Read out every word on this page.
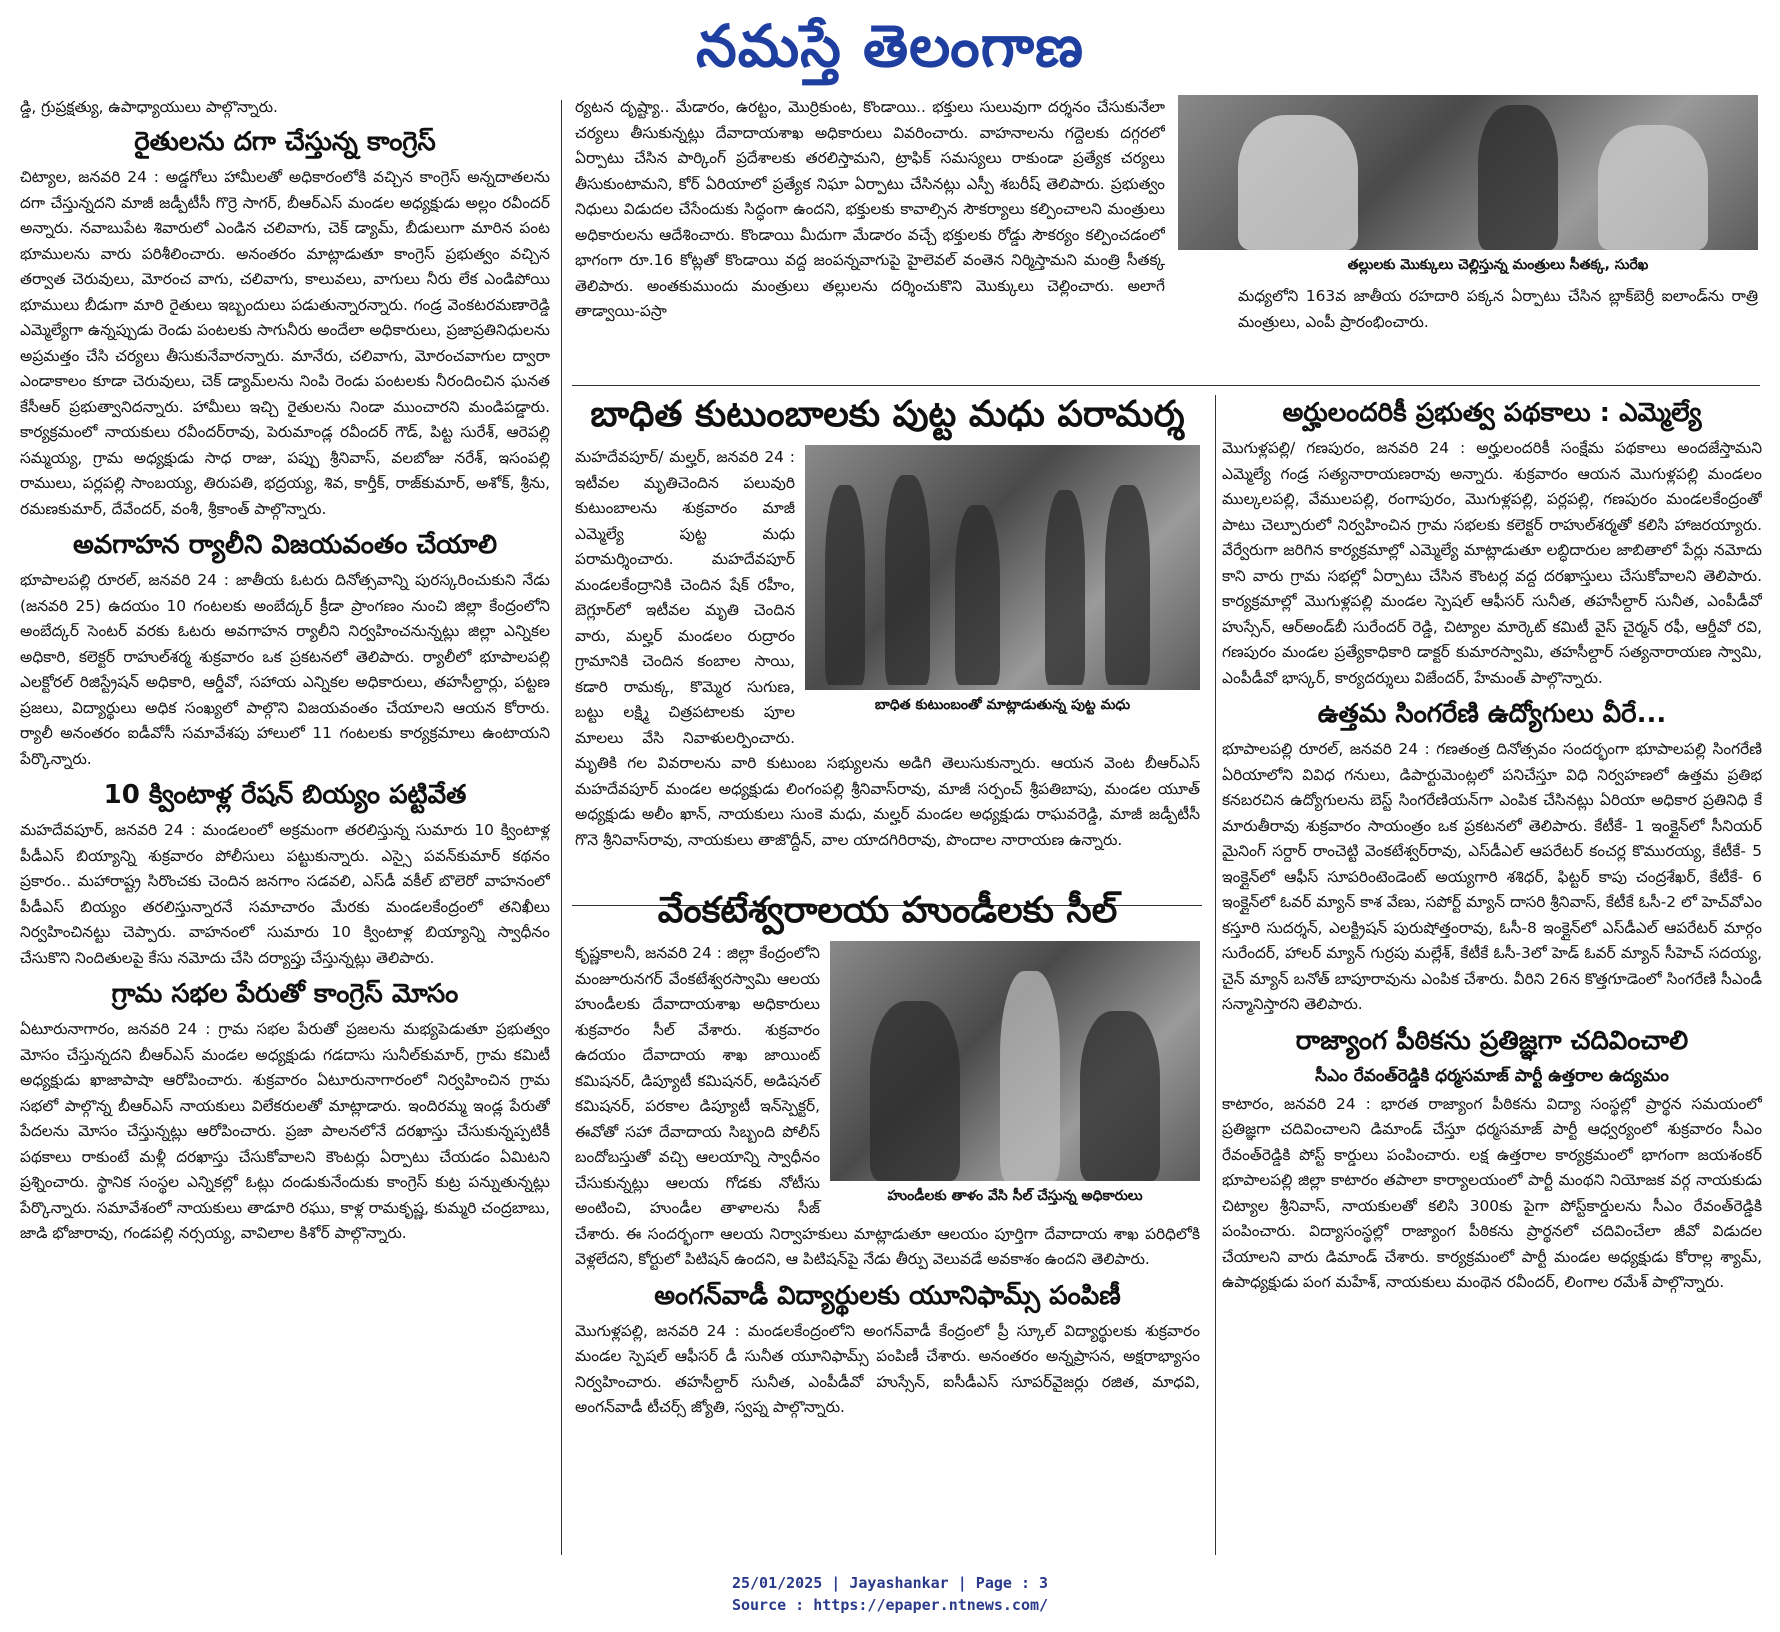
నమస్తే తెలంగాణ

డ్డి, గ్రుప్రక్షత్యు, ఉపాధ్యాయులు పాల్గొన్నారు.

రైతులను దగా చేస్తున్న కాంగ్రెస్

చిట్యాల, జనవరి 24 : అడ్డగోలు హామీలతో అధికారంలోకి వచ్చిన కాంగ్రెస్ అన్నదాతలను దగా చేస్తున్నదని మాజీ జడ్పీటీసీ గొర్రె సాగర్, బీఆర్ఎస్ మండల అధ్యక్షుడు అల్లం రవీందర్ అన్నారు. నవాబుపేట శివారులో ఎండిన చలివాగు, చెక్ డ్యామ్, బీడులుగా మారిన పంట భూములను వారు పరిశీలించారు. అనంతరం మాట్లాడుతూ కాంగ్రెస్ ప్రభుత్వం వచ్చిన తర్వాత చెరువులు, మోరంచ వాగు, చలివాగు, కాలువలు, వాగులు నీరు లేక ఎండిపోయి భూములు బీడుగా మారి రైతులు ఇబ్బందులు పడుతున్నారన్నారు. గండ్ర వెంకటరమణారెడ్డి ఎమ్మెల్యేగా ఉన్నప్పుడు రెండు పంటలకు సాగునీరు అందేలా అధికారులు, ప్రజాప్రతినిధులను అప్రమత్తం చేసి చర్యలు తీసుకునేవారన్నారు. మానేరు, చలివాగు, మోరంచవాగుల ద్వారా ఎండాకాలం కూడా చెరువులు, చెక్ డ్యామ్‌లను నింపి రెండు పంటలకు నీరందించిన ఘనత కేసీఆర్ ప్రభుత్వానిదన్నారు. హామీలు ఇచ్చి రైతులను నిండా ముంచారని మండిపడ్డారు. కార్యక్రమంలో నాయకులు రవీందర్‌రావు, పెరుమాండ్ల రవీందర్ గౌడ్, పిట్ట సురేశ్, ఆరెపల్లి సమ్మయ్య, గ్రామ అధ్యక్షుడు సాధ రాజు, పప్పు శ్రీనివాస్, వలబోజు నరేశ్, ఇసంపల్లి రాములు, పర్లపల్లి సాంబయ్య, తిరుపతి, భద్రయ్య, శివ, కార్తీక్, రాజ్‌కుమార్, అశోక్, శ్రీను, రమణకుమార్, దేవేందర్, వంశీ, శ్రీకాంత్ పాల్గొన్నారు.

అవగాహన ర్యాలీని విజయవంతం చేయాలి

భూపాలపల్లి రూరల్, జనవరి 24 : జాతీయ ఓటరు దినోత్సవాన్ని పురస్కరించుకుని నేడు (జనవరి 25) ఉదయం 10 గంటలకు అంబేద్కర్ క్రీడా ప్రాంగణం నుంచి జిల్లా కేంద్రంలోని అంబేద్కర్ సెంటర్ వరకు ఓటరు అవగాహన ర్యాలీని నిర్వహించనున్నట్లు జిల్లా ఎన్నికల అధికారి, కలెక్టర్ రాహుల్‌శర్మ శుక్రవారం ఒక ప్రకటనలో తెలిపారు. ర్యాలీలో భూపాలపల్లి ఎలక్టోరల్ రిజిస్ట్రేషన్ అధికారి, ఆర్డీవో, సహాయ ఎన్నికల అధికారులు, తహసీల్దార్లు, పట్టణ ప్రజలు, విద్యార్థులు అధిక సంఖ్యలో పాల్గొని విజయవంతం చేయాలని ఆయన కోరారు. ర్యాలీ అనంతరం ఐడీవోసీ సమావేశపు హాలులో 11 గంటలకు కార్యక్రమాలు ఉంటాయని పేర్కొన్నారు.

10 క్వింటాళ్ల రేషన్ బియ్యం పట్టివేత

మహదేవపూర్, జనవరి 24 : మండలంలో అక్రమంగా తరలిస్తున్న సుమారు 10 క్వింటాళ్ల పీడీఎస్ బియ్యాన్ని శుక్రవారం పోలీసులు పట్టుకున్నారు. ఎస్సై పవన్‌కుమార్ కథనం ప్రకారం.. మహారాష్ట్ర సిరొంచకు చెందిన జనగాం సడవలి, ఎస్‌డీ వకీల్ బొలెరో వాహనంలో పీడీఎస్ బియ్యం తరలిస్తున్నారనే సమాచారం మేరకు మండలకేంద్రంలో తనిఖీలు నిర్వహించినట్టు చెప్పారు. వాహనంలో సుమారు 10 క్వింటాళ్ల బియ్యాన్ని స్వాధీనం చేసుకొని నిందితులపై కేసు నమోదు చేసి దర్యాప్తు చేస్తున్నట్లు తెలిపారు.

గ్రామ సభల పేరుతో కాంగ్రెస్ మోసం

ఏటూరునాగారం, జనవరి 24 : గ్రామ సభల పేరుతో ప్రజలను మభ్యపెడుతూ ప్రభుత్వం మోసం చేస్తున్నదని బీఆర్ఎస్ మండల అధ్యక్షుడు గడదాసు సునీల్‌కుమార్, గ్రామ కమిటీ అధ్యక్షుడు ఖాజాపాషా ఆరోపించారు. శుక్రవారం ఏటూరునాగారంలో నిర్వహించిన గ్రామ సభలో పాల్గొన్న బీఆర్ఎస్ నాయకులు విలేకరులతో మాట్లాడారు. ఇందిరమ్మ ఇండ్ల పేరుతో పేదలను మోసం చేస్తున్నట్లు ఆరోపించారు. ప్రజా పాలనలోనే దరఖాస్తు చేసుకున్నప్పటికీ పథకాలు రాకుంటే మళ్లీ దరఖాస్తు చేసుకోవాలని కౌంటర్లు ఏర్పాటు చేయడం ఏమిటని ప్రశ్నించారు. స్థానిక సంస్థల ఎన్నికల్లో ఓట్లు దండుకునేందుకు కాంగ్రెస్ కుట్ర పన్నుతున్నట్లు పేర్కొన్నారు. సమావేశంలో నాయకులు తాడూరి రఘు, కాళ్ల రామకృష్ణ, కుమ్మరి చంద్రబాబు, జాడి భోజారావు, గండపల్లి నర్సయ్య, వావిలాల కిశోర్ పాల్గొన్నారు.

ర్యటన దృష్ట్యా.. మేడారం, ఉరట్టం, మొర్రికుంట, కొండాయి.. భక్తులు సులువుగా దర్శనం చేసుకునేలా చర్యలు తీసుకున్నట్లు దేవాదాయశాఖ అధికారులు వివరించారు. వాహనాలను గద్దెలకు దగ్గరలో ఏర్పాటు చేసిన పార్కింగ్ ప్రదేశాలకు తరలిస్తామని, ట్రాఫిక్ సమస్యలు రాకుండా ప్రత్యేక చర్యలు తీసుకుంటామని, కోర్ ఏరియాలో ప్రత్యేక నిఘా ఏర్పాటు చేసినట్లు ఎస్పీ శబరీష్ తెలిపారు. ప్రభుత్వం నిధులు విడుదల చేసేందుకు సిద్ధంగా ఉందని, భక్తులకు కావాల్సిన సౌకర్యాలు కల్పించాలని మంత్రులు అధికారులను ఆదేశించారు. కొండాయి మీదుగా మేడారం వచ్చే భక్తులకు రోడ్డు సౌకర్యం కల్పించడంలో భాగంగా రూ.16 కోట్లతో కొండాయి వద్ద జంపన్నవాగుపై హైలెవల్ వంతెన నిర్మిస్తామని మంత్రి సీతక్క తెలిపారు. అంతకుముందు మంత్రులు తల్లులను దర్శించుకొని మొక్కులు చెల్లించారు. అలాగే తాడ్వాయి-పస్రా

బాధిత కుటుంబాలకు పుట్ట మధు పరామర్శ
బాధిత కుటుంబంతో మాట్లాడుతున్న పుట్ట మధు

మహదేవపూర్/ మల్హర్, జనవరి 24 : ఇటీవల మృతిచెందిన పలువురి కుటుంబాలను శుక్రవారం మాజీ ఎమ్మెల్యే పుట్ట మధు పరామర్శించారు. మహదేవపూర్ మండలకేంద్రానికి చెందిన షేక్ రహీం, బెగ్లూర్‌లో ఇటీవల మృతి చెందిన వారు, మల్హర్ మండలం రుద్రారం గ్రామానికి చెందిన కంబాల సాయి, కడారి రామక్క, కొమ్మెర సుగుణ, బట్టు లక్ష్మి చిత్రపటాలకు పూల మాలలు వేసి నివాళులర్పించారు. మృతికి గల వివరాలను వారి కుటుంబ సభ్యులను అడిగి తెలుసుకున్నారు. ఆయన వెంట బీఆర్ఎస్ మహదేవపూర్ మండల అధ్యక్షుడు లింగంపల్లి శ్రీనివాస్‌రావు, మాజీ సర్పంచ్ శ్రీపతిబాపు, మండల యూత్ అధ్యక్షుడు అలీం ఖాన్, నాయకులు సుంకె మధు, మల్హర్ మండల అధ్యక్షుడు రాఘవరెడ్డి, మాజీ జడ్పీటీసీ గొనె శ్రీనివాస్‌రావు, నాయకులు తాజొద్దీన్, వాల యాదగిరిరావు, పొందాల నారాయణ ఉన్నారు.

వేంకటేశ్వరాలయ హుండీలకు సీల్
హుండీలకు తాళం వేసి సీల్ చేస్తున్న అధికారులు

కృష్ణకాలనీ, జనవరి 24 : జిల్లా కేంద్రంలోని మంజూరునగర్ వేంకటేశ్వరస్వామి ఆలయ హుండీలకు దేవాదాయశాఖ అధికారులు శుక్రవారం సీల్ వేశారు. శుక్రవారం ఉదయం దేవాదాయ శాఖ జాయింట్ కమిషనర్, డిప్యూటీ కమిషనర్, అడిషనల్ కమిషనర్, పరకాల డిప్యూటీ ఇన్‌స్పెక్టర్, ఈవోతో సహా దేవాదాయ సిబ్బంది పోలీస్ బందోబస్తుతో వచ్చి ఆలయాన్ని స్వాధీనం చేసుకున్నట్లు ఆలయ గోడకు నోటీసు అంటించి, హుండీల తాళాలను సీజ్ చేశారు. ఈ సందర్భంగా ఆలయ నిర్వాహకులు మాట్లాడుతూ ఆలయం పూర్తిగా దేవాదాయ శాఖ పరిధిలోకి వెళ్లలేదని, కోర్టులో పిటిషన్ ఉందని, ఆ పిటిషన్‌పై నేడు తీర్పు వెలువడే అవకాశం ఉందని తెలిపారు.

అంగన్‌వాడీ విద్యార్థులకు యూనిఫామ్స్ పంపిణీ

మొగుళ్లపల్లి, జనవరి 24 : మండలకేంద్రంలోని అంగన్‌వాడీ కేంద్రంలో ప్రీ స్కూల్ విద్యార్థులకు శుక్రవారం మండల స్పెషల్ ఆఫీసర్ డీ సునీత యూనిఫామ్స్ పంపిణీ చేశారు. అనంతరం అన్నప్రాసన, అక్షరాభ్యాసం నిర్వహించారు. తహసీల్దార్ సునీత, ఎంపీడీవో హుస్సేన్, ఐసీడీఎస్ సూపర్‌వైజర్లు రజిత, మాధవి, అంగన్‌వాడీ టీచర్స్ జ్యోతి, స్వప్న పాల్గొన్నారు.

తల్లులకు మొక్కులు చెల్లిస్తున్న మంత్రులు సీతక్క, సురేఖ

మధ్యలోని 163వ జాతీయ రహదారి పక్కన ఏర్పాటు చేసిన బ్లాక్‌బెర్రీ ఐలాండ్‌ను రాత్రి మంత్రులు, ఎంపీ ప్రారంభించారు.

అర్హులందరికీ ప్రభుత్వ పథకాలు : ఎమ్మెల్యే

మొగుళ్లపల్లి/ గణపురం, జనవరి 24 : అర్హులందరికీ సంక్షేమ పథకాలు అందజేస్తామని ఎమ్మెల్యే గండ్ర సత్యనారాయణరావు అన్నారు. శుక్రవారం ఆయన మొగుళ్లపల్లి మండలం ముల్కలపల్లి, వేములపల్లి, రంగాపురం, మొగుళ్లపల్లి, పర్లపల్లి, గణపురం మండలకేంద్రంతో పాటు చెల్పూరులో నిర్వహించిన గ్రామ సభలకు కలెక్టర్ రాహుల్‌శర్మతో కలిసి హాజరయ్యారు. వేర్వేరుగా జరిగిన కార్యక్రమాల్లో ఎమ్మెల్యే మాట్లాడుతూ లబ్ధిదారుల జాబితాలో పేర్లు నమోదు కాని వారు గ్రామ సభల్లో ఏర్పాటు చేసిన కౌంటర్ల వద్ద దరఖాస్తులు చేసుకోవాలని తెలిపారు. కార్యక్రమాల్లో మొగుళ్లపల్లి మండల స్పెషల్ ఆఫీసర్ సునీత, తహసీల్దార్ సునీత, ఎంపీడీవో హుస్సేన్, ఆర్అండ్‌బీ సురేందర్ రెడ్డి, చిట్యాల మార్కెట్ కమిటీ వైస్ చైర్మన్ రఫీ, ఆర్డీవో రవి, గణపురం మండల ప్రత్యేకాధికారి డాక్టర్ కుమారస్వామి, తహసీల్దార్ సత్యనారాయణ స్వామి, ఎంపీడీవో భాస్కర్, కార్యదర్శులు విజేందర్, హేమంత్ పాల్గొన్నారు.

ఉత్తమ సింగరేణి ఉద్యోగులు వీరే...

భూపాలపల్లి రూరల్, జనవరి 24 : గణతంత్ర దినోత్సవం సందర్భంగా భూపాలపల్లి సింగరేణి ఏరియాలోని వివిధ గనులు, డిపార్టుమెంట్లలో పనిచేస్తూ విధి నిర్వహణలో ఉత్తమ ప్రతిభ కనబరచిన ఉద్యోగులను బెస్ట్ సింగరేణియన్‌గా ఎంపిక చేసినట్లు ఏరియా అధికార ప్రతినిధి కే మారుతీరావు శుక్రవారం సాయంత్రం ఒక ప్రకటనలో తెలిపారు. కేటీకే- 1 ఇంక్లైన్‌లో సీనియర్ మైనింగ్ సర్దార్ రాంచెట్టి వెంకటేశ్వర్‌రావు, ఎస్‌డీఎల్ ఆపరేటర్ కంచర్ల కొమురయ్య, కేటీకే- 5 ఇంక్లైన్‌లో ఆఫీస్ సూపరింటెండెంట్ అయ్యగారి శశిధర్, ఫిట్టర్ కాపు చంద్రశేఖర్, కేటీకే- 6 ఇంక్లైన్‌లో ఓవర్ మ్యాన్ కాశ వేణు, సపోర్ట్ మ్యాన్ దాసరి శ్రీనివాస్, కేటీకే ఓసీ-2 లో హెచ్‌వోఎం కస్తూరి సుదర్శన్, ఎలక్ట్రిషన్ పురుషోత్తంరావు, ఓసీ-8 ఇంక్లైన్‌లో ఎస్‌డీఎల్ ఆపరేటర్ మార్గం సురేందర్, హాలర్ మ్యాన్ గుర్రపు మల్లేశ్, కేటీకే ఓసీ-3లో హెడ్ ఓవర్ మ్యాన్ సీహెచ్ సదయ్య, చైన్ మ్యాన్ బనోత్ బాపూరావును ఎంపిక చేశారు. వీరిని 26న కొత్తగూడెంలో సింగరేణి సీఎండీ సన్మానిస్తారని తెలిపారు.

రాజ్యాంగ పీఠికను ప్రతిజ్ఞగా చదివించాలి
సీఎం రేవంత్‌రెడ్డికి ధర్మసమాజ్ పార్టీ ఉత్తరాల ఉద్యమం

కాటారం, జనవరి 24 : భారత రాజ్యాంగ పీఠికను విద్యా సంస్థల్లో ప్రార్థన సమయంలో ప్రతిజ్ఞగా చదివించాలని డిమాండ్ చేస్తూ ధర్మసమాజ్ పార్టీ ఆధ్వర్యంలో శుక్రవారం సీఎం రేవంత్‌రెడ్డికి పోస్ట్ కార్డులు పంపించారు. లక్ష ఉత్తరాల కార్యక్రమంలో భాగంగా జయశంకర్ భూపాలపల్లి జిల్లా కాటారం తపాలా కార్యాలయంలో పార్టీ మంథని నియోజక వర్గ నాయకుడు చిట్యాల శ్రీనివాస్, నాయకులతో కలిసి 300కు పైగా పోస్ట్‌కార్డులను సీఎం రేవంత్‌రెడ్డికి పంపించారు. విద్యాసంస్థల్లో రాజ్యాంగ పీఠికను ప్రార్థనలో చదివించేలా జీవో విడుదల చేయాలని వారు డిమాండ్ చేశారు. కార్యక్రమంలో పార్టీ మండల అధ్యక్షుడు కోరాల్ల శ్యామ్, ఉపాధ్యక్షుడు పంగ మహేశ్, నాయకులు మంథెన రవీందర్, లింగాల రమేశ్ పాల్గొన్నారు.

25/01/2025 | Jayashankar | Page : 3
Source : https://epaper.ntnews.com/
